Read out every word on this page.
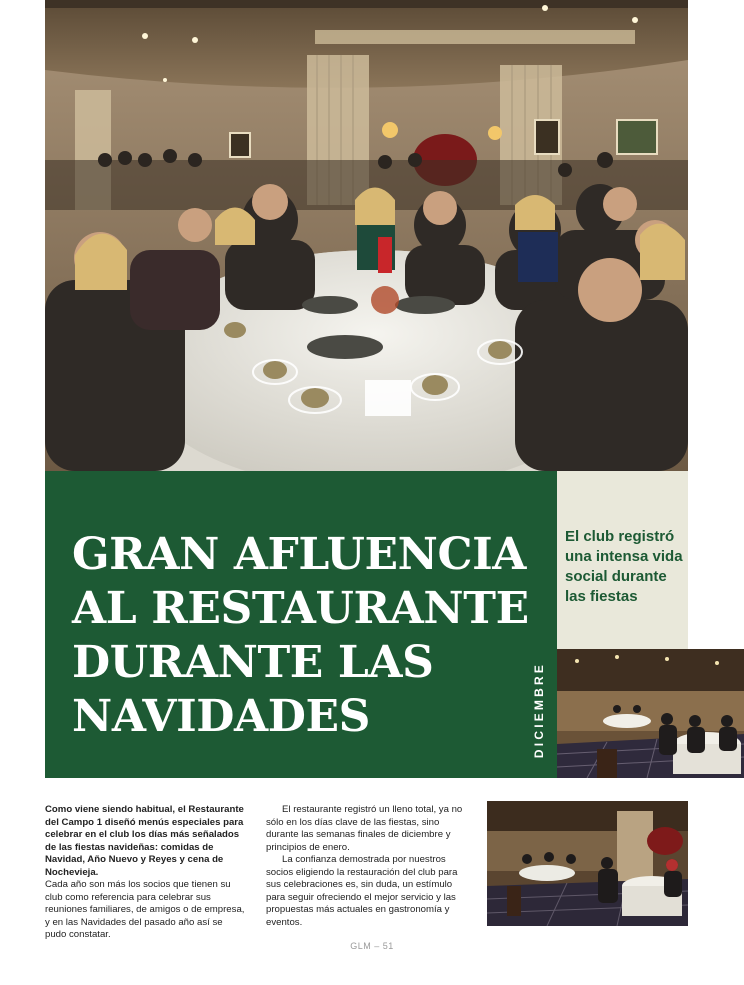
GRAN AFLUENCIA AL RESTAURANTE DURANTE LAS NAVIDADES	DICIEMBRE
El club registró una intensa vida social durante las fiestas

Como viene siendo habitual, el Restaurante del Campo 1 diseñó menús especiales para celebrar en el club los días más señalados de las fiestas navideñas: comidas de Navidad, Año Nuevo y Reyes y cena de Nochevieja.

Cada año son más los socios que tienen su club como referencia para celebrar sus reuniones familiares, de amigos o de empresa, y en las Navidades del pasado año así se pudo constatar.

El restaurante registró un lleno total, ya no sólo en los días clave de las fiestas, sino durante las semanas finales de diciembre y principios de enero.

La confianza demostrada por nuestros socios eligiendo la restauración del club para sus celebraciones es, sin duda, un estímulo para seguir ofreciendo el mejor servicio y las propuestas más actuales en gastronomía y eventos.

GLM – 51
